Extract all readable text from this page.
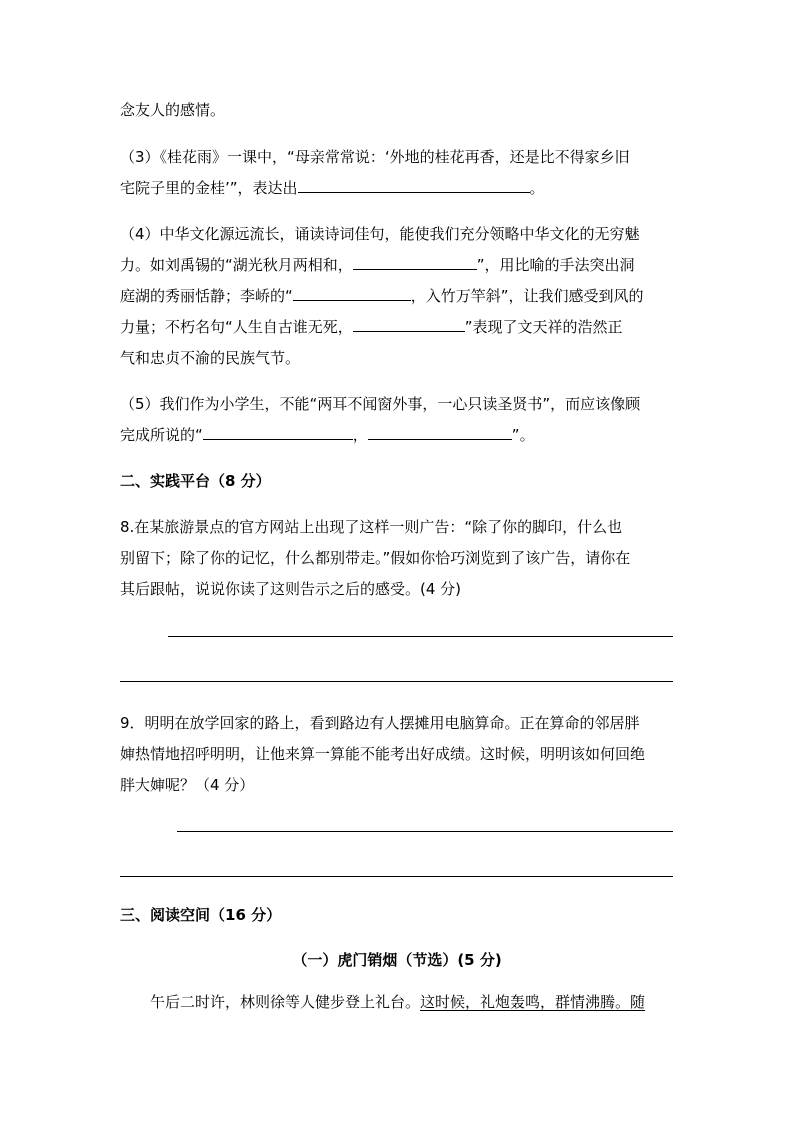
念友人的感情。
（3）《桂花雨》一课中，“母亲常常说：‘外地的桂花再香，还是比不得家乡旧
宅院子里的金桂’”，表达出	。
（4）中华文化源远流长，诵读诗词佳句，能使我们充分领略中华文化的无穷魅
力。如刘禹锡的“湖光秋月两相和，	”，用比喻的手法突出洞
庭湖的秀丽恬静；李峤的“	，入竹万竿斜”，让我们感受到风的
力量；不朽名句“人生自古谁无死，	”表现了文天祥的浩然正
气和忠贞不渝的民族气节。
（5）我们作为小学生，不能“两耳不闻窗外事，一心只读圣贤书”，而应该像顾
完成所说的“	，	”。
二、实践平台（8 分）
8.在某旅游景点的官方网站上出现了这样一则广告：“除了你的脚印，什么也
别留下；除了你的记忆，什么都别带走。”假如你恰巧浏览到了该广告，请你在
其后跟帖，说说你读了这则告示之后的感受。(4 分)
9．明明在放学回家的路上，看到路边有人摆摊用电脑算命。正在算命的邻居胖
婶热情地招呼明明，让他来算一算能不能考出好成绩。这时候，明明该如何回绝
胖大婶呢？（4 分）
三、阅读空间（16 分）
（一）虎门销烟（节选）(5 分)
午后二时许，林则徐等人健步登上礼台。这时候，礼炮轰鸣，群情沸腾。随
